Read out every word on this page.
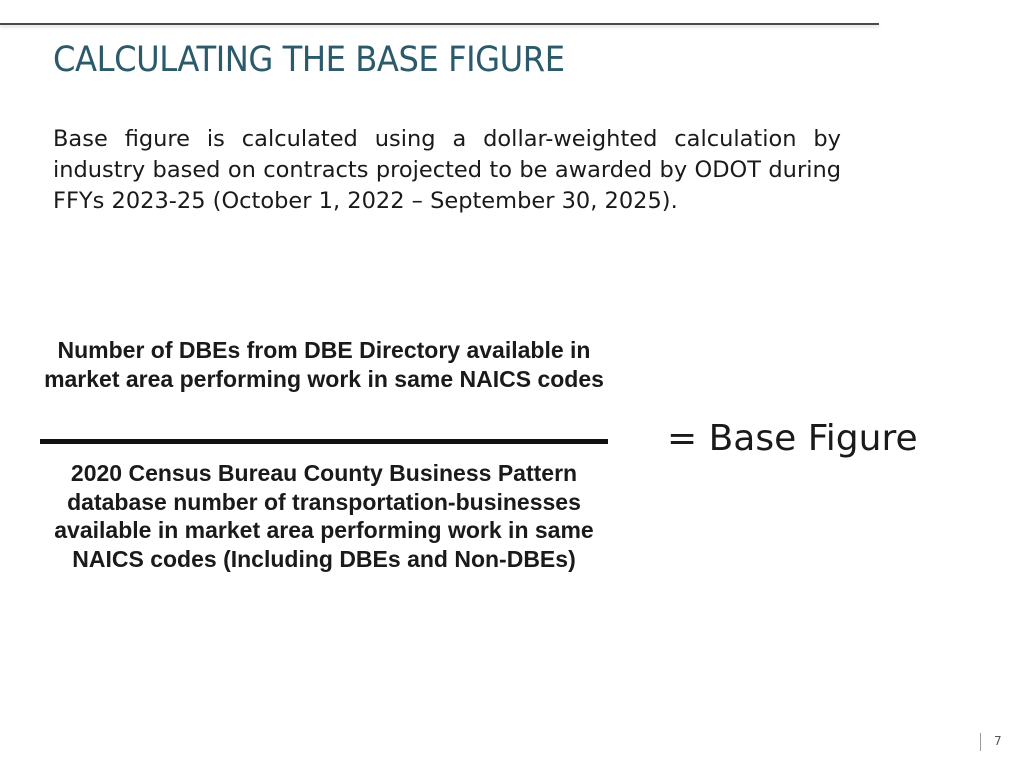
CALCULATING THE BASE FIGURE
Base figure is calculated using a dollar-weighted calculation by industry based on contracts projected to be awarded by ODOT during FFYs 2023-25 (October 1, 2022 – September 30, 2025).
Number of DBEs from DBE Directory available in market area performing work in same NAICS codes
2020 Census Bureau County Business Pattern database number of transportation-businesses available in market area performing work in same NAICS codes (Including DBEs and Non-DBEs)
= Base Figure
7
